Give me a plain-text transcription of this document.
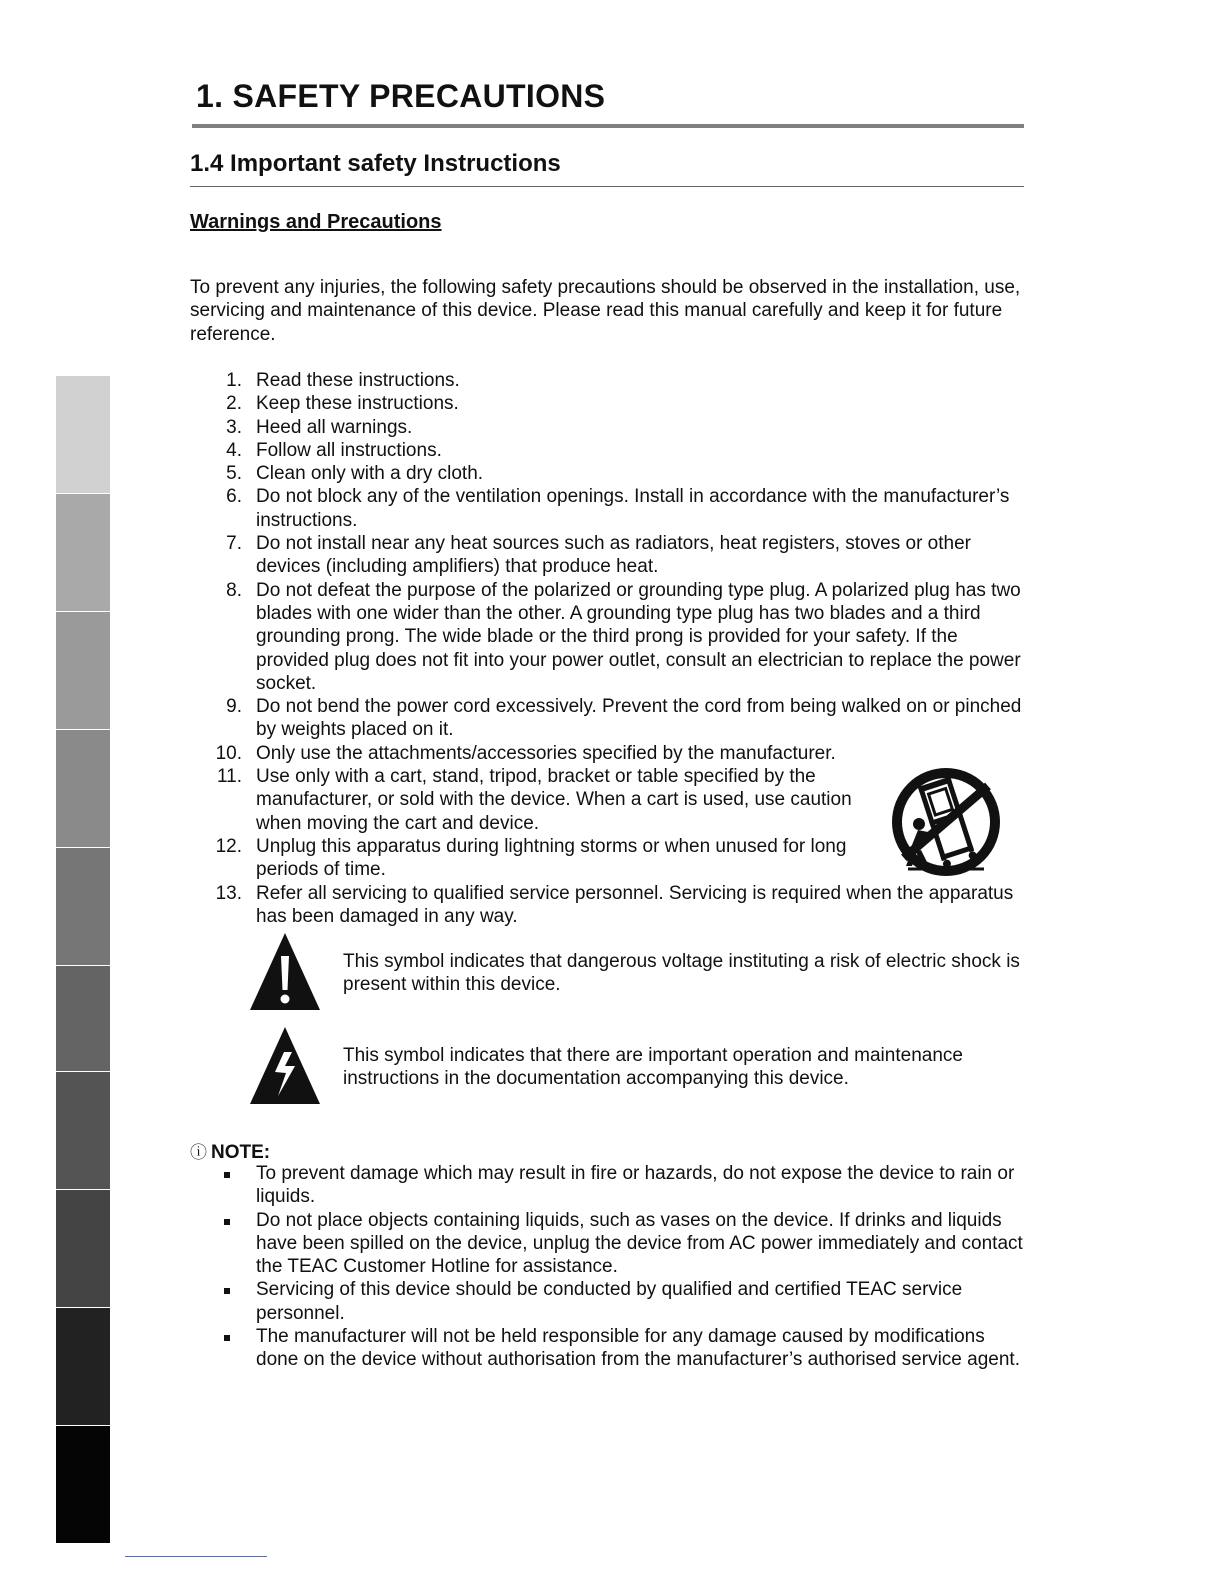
1. SAFETY PRECAUTIONS
1.4 Important safety Instructions
Warnings and Precautions
To prevent any injuries, the following safety precautions should be observed in the installation, use, servicing and maintenance of this device. Please read this manual carefully and keep it for future reference.
1. Read these instructions.
2. Keep these instructions.
3. Heed all warnings.
4. Follow all instructions.
5. Clean only with a dry cloth.
6. Do not block any of the ventilation openings. Install in accordance with the manufacturer’s instructions.
7. Do not install near any heat sources such as radiators, heat registers, stoves or other devices (including amplifiers) that produce heat.
8. Do not defeat the purpose of the polarized or grounding type plug. A polarized plug has two blades with one wider than the other. A grounding type plug has two blades and a third grounding prong. The wide blade or the third prong is provided for your safety. If the provided plug does not fit into your power outlet, consult an electrician to replace the power socket.
9. Do not bend the power cord excessively. Prevent the cord from being walked on or pinched by weights placed on it.
10. Only use the attachments/accessories specified by the manufacturer.
11. Use only with a cart, stand, tripod, bracket or table specified by the manufacturer, or sold with the device. When a cart is used, use caution when moving the cart and device.
12. Unplug this apparatus during lightning storms or when unused for long periods of time.
13. Refer all servicing to qualified service personnel. Servicing is required when the apparatus has been damaged in any way.
This symbol indicates that dangerous voltage instituting a risk of electric shock is present within this device.
This symbol indicates that there are important operation and maintenance instructions in the documentation accompanying this device.
ⓘ NOTE:
To prevent damage which may result in fire or hazards, do not expose the device to rain or liquids.
Do not place objects containing liquids, such as vases on the device. If drinks and liquids have been spilled on the device, unplug the device from AC power immediately and contact the TEAC Customer Hotline for assistance.
Servicing of this device should be conducted by qualified and certified TEAC service personnel.
The manufacturer will not be held responsible for any damage caused by modifications done on the device without authorisation from the manufacturer’s authorised service agent.
